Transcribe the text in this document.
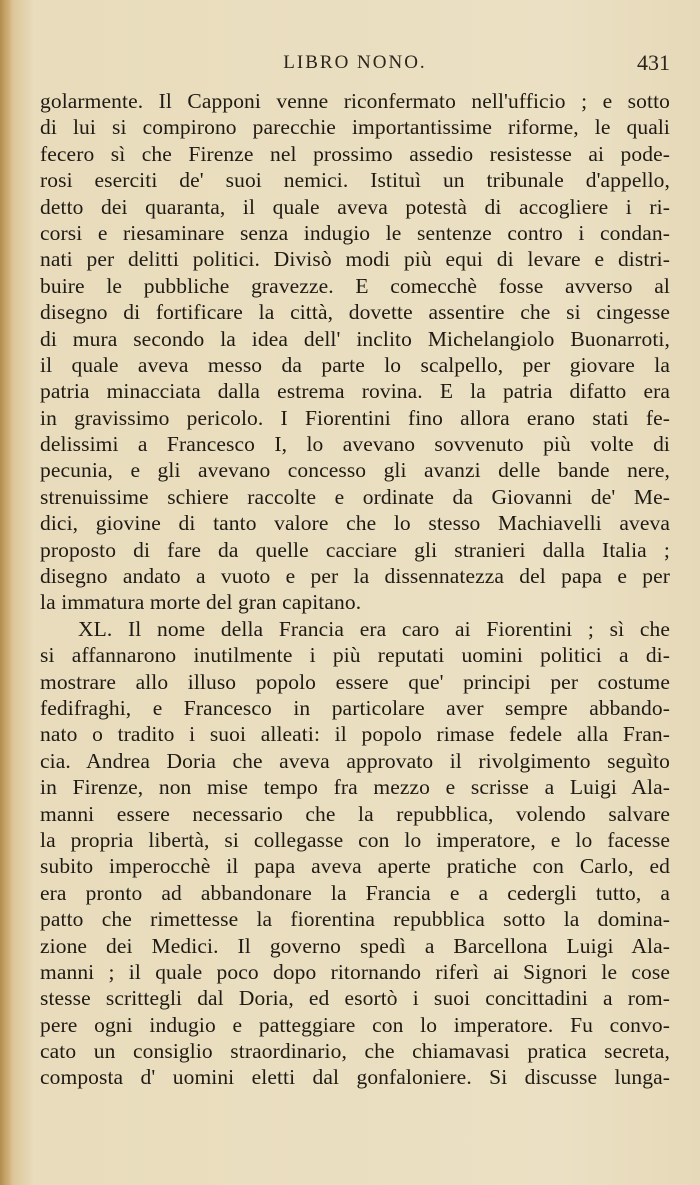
LIBRO NONO.	431
golarmente. Il Capponi venne riconfermato nell'ufficio ; e sotto
di lui si compirono parecchie importantissime riforme, le quali
fecero sì che Firenze nel prossimo assedio resistesse ai pode-
rosi eserciti de' suoi nemici. Istituì un tribunale d'appello,
detto dei quaranta, il quale aveva potestà di accogliere i ri-
corsi e riesaminare senza indugio le sentenze contro i condan-
nati per delitti politici. Divisò modi più equi di levare e distri-
buire le pubbliche gravezze. E comecchè fosse avverso al
disegno di fortificare la città, dovette assentire che si cingesse
di mura secondo la idea dell' inclito Michelangiolo Buonarroti,
il quale aveva messo da parte lo scalpello, per giovare la
patria minacciata dalla estrema rovina. E la patria difatto era
in gravissimo pericolo. I Fiorentini fino allora erano stati fe-
delissimi a Francesco I, lo avevano sovvenuto più volte di
pecunia, e gli avevano concesso gli avanzi delle bande nere,
strenuissime schiere raccolte e ordinate da Giovanni de' Me-
dici, giovine di tanto valore che lo stesso Machiavelli aveva
proposto di fare da quelle cacciare gli stranieri dalla Italia ;
disegno andato a vuoto e per la dissennatezza del papa e per
la immatura morte del gran capitano.
XL. Il nome della Francia era caro ai Fiorentini ; sì che
si affannarono inutilmente i più reputati uomini politici a di-
mostrare allo illuso popolo essere que' principi per costume
fedifraghi, e Francesco in particolare aver sempre abbando-
nato o tradito i suoi alleati: il popolo rimase fedele alla Fran-
cia. Andrea Doria che aveva approvato il rivolgimento seguìto
in Firenze, non mise tempo fra mezzo e scrisse a Luigi Ala-
manni essere necessario che la repubblica, volendo salvare
la propria libertà, si collegasse con lo imperatore, e lo facesse
subito imperocchè il papa aveva aperte pratiche con Carlo, ed
era pronto ad abbandonare la Francia e a cedergli tutto, a
patto che rimettesse la fiorentina repubblica sotto la domina-
zione dei Medici. Il governo spedì a Barcellona Luigi Ala-
manni ; il quale poco dopo ritornando riferì ai Signori le cose
stesse scrittegli dal Doria, ed esortò i suoi concittadini a rom-
pere ogni indugio e patteggiare con lo imperatore. Fu convo-
cato un consiglio straordinario, che chiamavasi pratica secreta,
composta d' uomini eletti dal gonfaloniere. Si discusse lunga-
